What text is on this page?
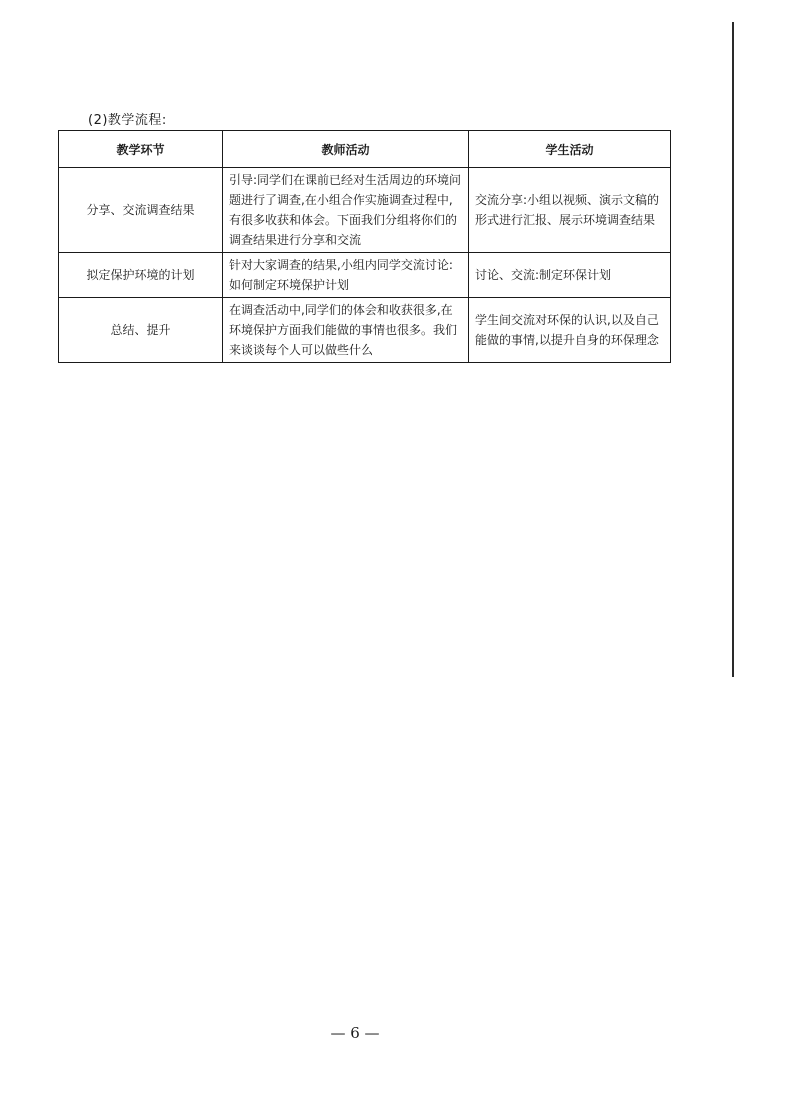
(2)教学流程:
教学环节	教师活动	学生活动
分享、交流调查结果	引导:同学们在课前已经对生活周边的环境问题进行了调查,在小组合作实施调查过程中,有很多收获和体会。下面我们分组将你们的调查结果进行分享和交流	交流分享:小组以视频、演示文稿的形式进行汇报、展示环境调查结果
拟定保护环境的计划	针对大家调查的结果,小组内同学交流讨论:如何制定环境保护计划	讨论、交流:制定环保计划
总结、提升	在调查活动中,同学们的体会和收获很多,在环境保护方面我们能做的事情也很多。我们来谈谈每个人可以做些什么	学生间交流对环保的认识,以及自己能做的事情,以提升自身的环保理念
— 6 —
